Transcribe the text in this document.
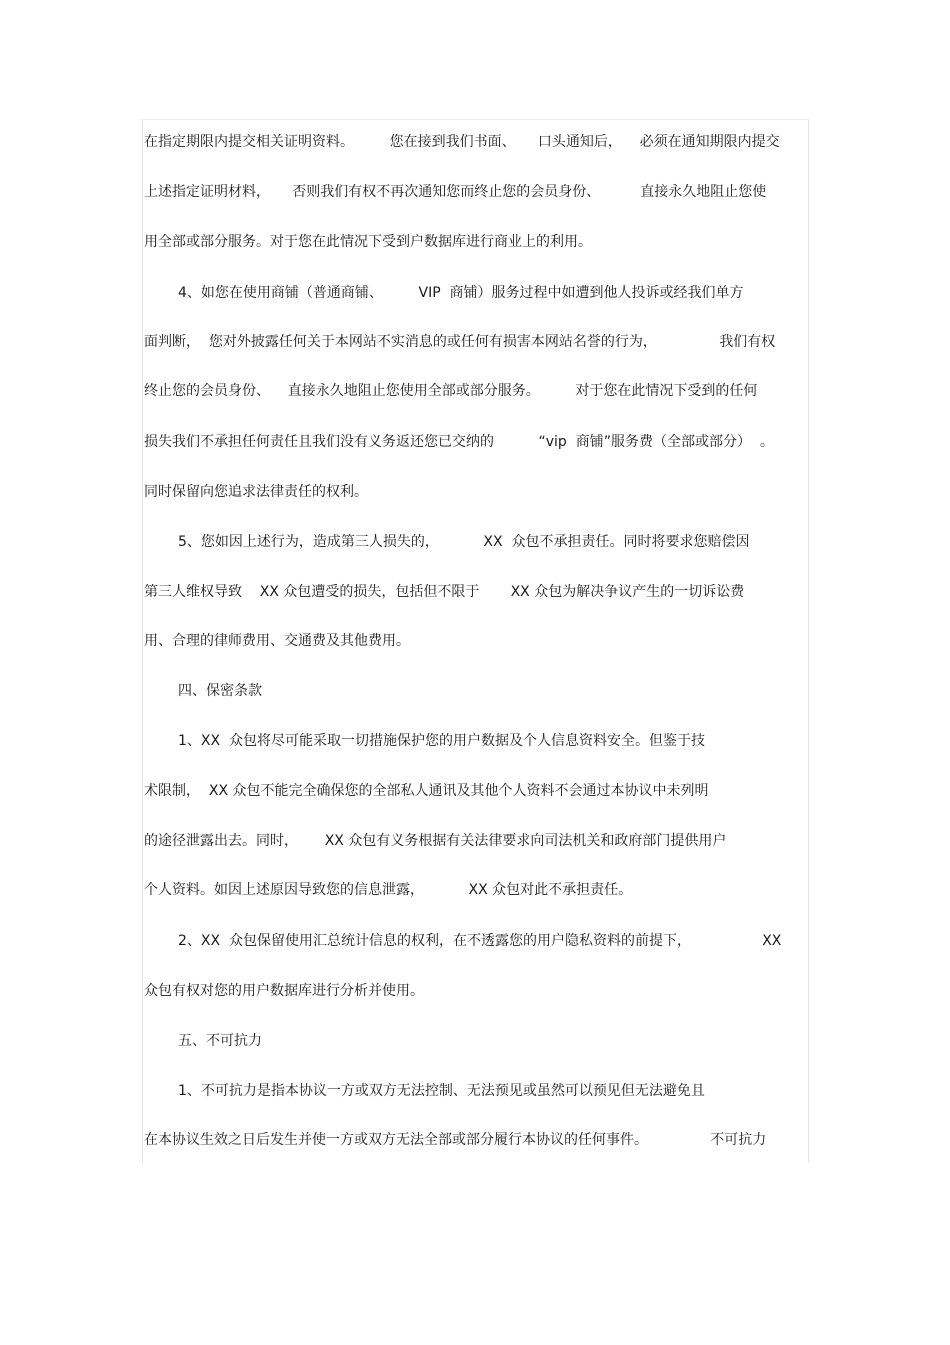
在指定期限内提交相关证明资料。        您在接到我们书面、     口头通知后，    必须在通知期限内提交
上述指定证明材料，     否则我们有权不再次通知您而终止您的会员身份、         直接永久地阻止您使
用全部或部分服务。对于您在此情况下受到户数据库进行商业上的利用。
4、如您在使用商铺（普通商铺、        VIP  商铺）服务过程中如遭到他人投诉或经我们单方
面判断，  您对外披露任何关于本网站不实消息的或任何有损害本网站名誉的行为，              我们有权
终止您的会员身份、    直接永久地阻止您使用全部或部分服务。        对于您在此情况下受到的任何
损失我们不承担任何责任且我们没有义务返还您已交纳的          “vip  商铺”服务费（全部或部分）  。
同时保留向您追求法律责任的权利。
5、您如因上述行为，造成第三人损失的，          XX  众包不承担责任。同时将要求您赔偿因
第三人维权导致    XX 众包遭受的损失，包括但不限于       XX 众包为解决争议产生的一切诉讼费
用、合理的律师费用、交通费及其他费用。
四、保密条款
1、XX  众包将尽可能采取一切措施保护您的用户数据及个人信息资料安全。但鉴于技
术限制，  XX 众包不能完全确保您的全部私人通讯及其他个人资料不会通过本协议中未列明
的途径泄露出去。同时，      XX 众包有义务根据有关法律要求向司法机关和政府部门提供用户
个人资料。如因上述原因导致您的信息泄露，          XX 众包对此不承担责任。
2、XX  众包保留使用汇总统计信息的权利，在不透露您的用户隐私资料的前提下，                XX
众包有权对您的用户数据库进行分析并使用。
五、不可抗力
1、不可抗力是指本协议一方或双方无法控制、无法预见或虽然可以预见但无法避免且
在本协议生效之日后发生并使一方或双方无法全部或部分履行本协议的任何事件。              不可抗力
